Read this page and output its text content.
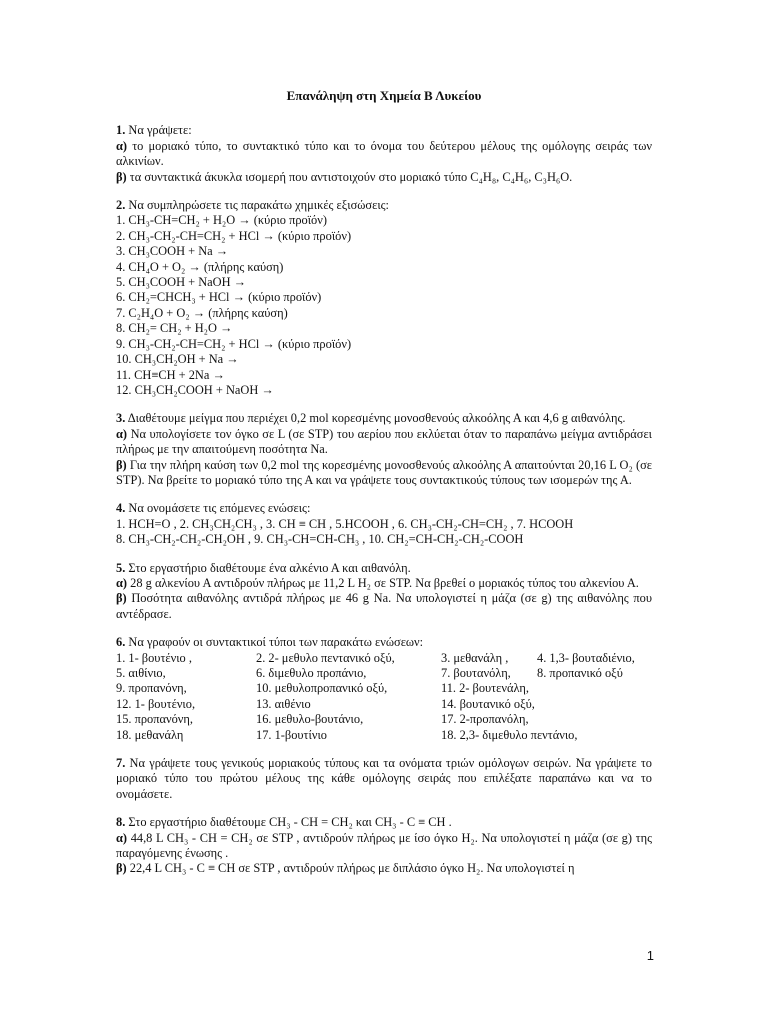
Επανάληψη στη Χημεία Β Λυκείου
1. Να γράψετε:
α) το μοριακό τύπο, το συντακτικό τύπο και το όνομα του δεύτερου μέλους της ομόλογης σειράς των αλκινίων.
β) τα συντακτικά άκυκλα ισομερή που αντιστοιχούν στο μοριακό τύπο C₄H₈, C₄H₆, C₃H₆O.
2. Να συμπληρώσετε τις παρακάτω χημικές εξισώσεις:
1. CH₃-CH=CH₂ + H₂O → (κύριο προϊόν)
2. CH₃-CH₂-CH=CH₂ + HCl → (κύριο προϊόν)
3. CH₃COOH + Na →
4. CH₄O + O₂ → (πλήρης καύση)
5. CH₃COOH + NaOH →
6. CH₂=CHCH₃ + HCl → (κύριο προϊόν)
7. C₂H₄O + O₂ → (πλήρης καύση)
8. CH₂= CH₂ + H₂O →
9. CH₃-CH₂-CH=CH₂ + HCl → (κύριο προϊόν)
10. CH₃CH₂OH + Na →
11. CH≡CH + 2Na →
12. CH₃CH₂COOH + NaOH →
3. Διαθέτουμε μείγμα που περιέχει 0,2 mol κορεσμένης μονοσθενούς αλκοόλης Α και 4,6 g αιθανόλης.
α) Να υπολογίσετε τον όγκο σε L (σε STP) του αερίου που εκλύεται όταν το παραπάνω μείγμα αντιδράσει πλήρως με την απαιτούμενη ποσότητα Na.
β) Για την πλήρη καύση των 0,2 mol της κορεσμένης μονοσθενούς αλκοόλης Α απαιτούνται 20,16 L O₂ (σε STP). Να βρείτε το μοριακό τύπο της Α και να γράψετε τους συντακτικούς τύπους των ισομερών της Α.
4. Να ονομάσετε τις επόμενες ενώσεις:
1. HCH=O , 2. CH₃CH₂CH₃ , 3. CH ≡ CH , 5.HCOOH , 6. CH₃-CH₂-CH=CH₂ , 7. HCOOH
8. CH₃-CH₂-CH₂-CH₂OH , 9. CH₃-CH=CH-CH₃ , 10. CH₂=CH-CH₂-CH₂-COOH
5. Στο εργαστήριο διαθέτουμε ένα αλκένιο Α και αιθανόλη.
α) 28 g αλκενίου Α αντιδρούν πλήρως με 11,2 L H₂ σε STP. Να βρεθεί ο μοριακός τύπος του αλκενίου Α.
β) Ποσότητα αιθανόλης αντιδρά πλήρως με 46 g Na. Να υπολογιστεί η μάζα (σε g) της αιθανόλης που αντέδρασε.
6. Να γραφούν οι συντακτικοί τύποι των παρακάτω ενώσεων:
1. 1- βουτένιο ,	2. 2- μεθυλο πεντανικό οξύ,	3. μεθανάλη ,	4. 1,3- βουταδιένιο,
5. αιθίνιο,	6. διμεθυλο προπάνιο,	7. βουτανόλη,	8. προπανικό οξύ
9. προπανόνη,	10. μεθυλοπροπανικό οξύ,	11. 2- βουτενάλη,
12. 1- βουτένιο,	13. αιθένιο	14. βουτανικό οξύ,
15. προπανόνη,	16. μεθυλο-βουτάνιο,	17. 2-προπανόλη,
18. μεθανάλη	17. 1-βουτίνιο	18. 2,3- διμεθυλο πεντάνιο,
7. Να γράψετε τους γενικούς μοριακούς τύπους και τα ονόματα τριών ομόλογων σειρών. Να γράψετε το μοριακό τύπο του πρώτου μέλους της κάθε ομόλογης σειράς που επιλέξατε παραπάνω και να το ονομάσετε.
8. Στο εργαστήριο διαθέτουμε CH₃ - CH = CH₂ και CH₃ - C ≡ CH .
α) 44,8 L CH₃ - CH = CH₂ σε STP , αντιδρούν πλήρως με ίσο όγκο H₂. Να υπολογιστεί η μάζα (σε g) της παραγόμενης ένωσης .
β) 22,4 L CH₃ - C ≡ CH σε STP , αντιδρούν πλήρως με διπλάσιο όγκο H₂. Να υπολογιστεί η
1
